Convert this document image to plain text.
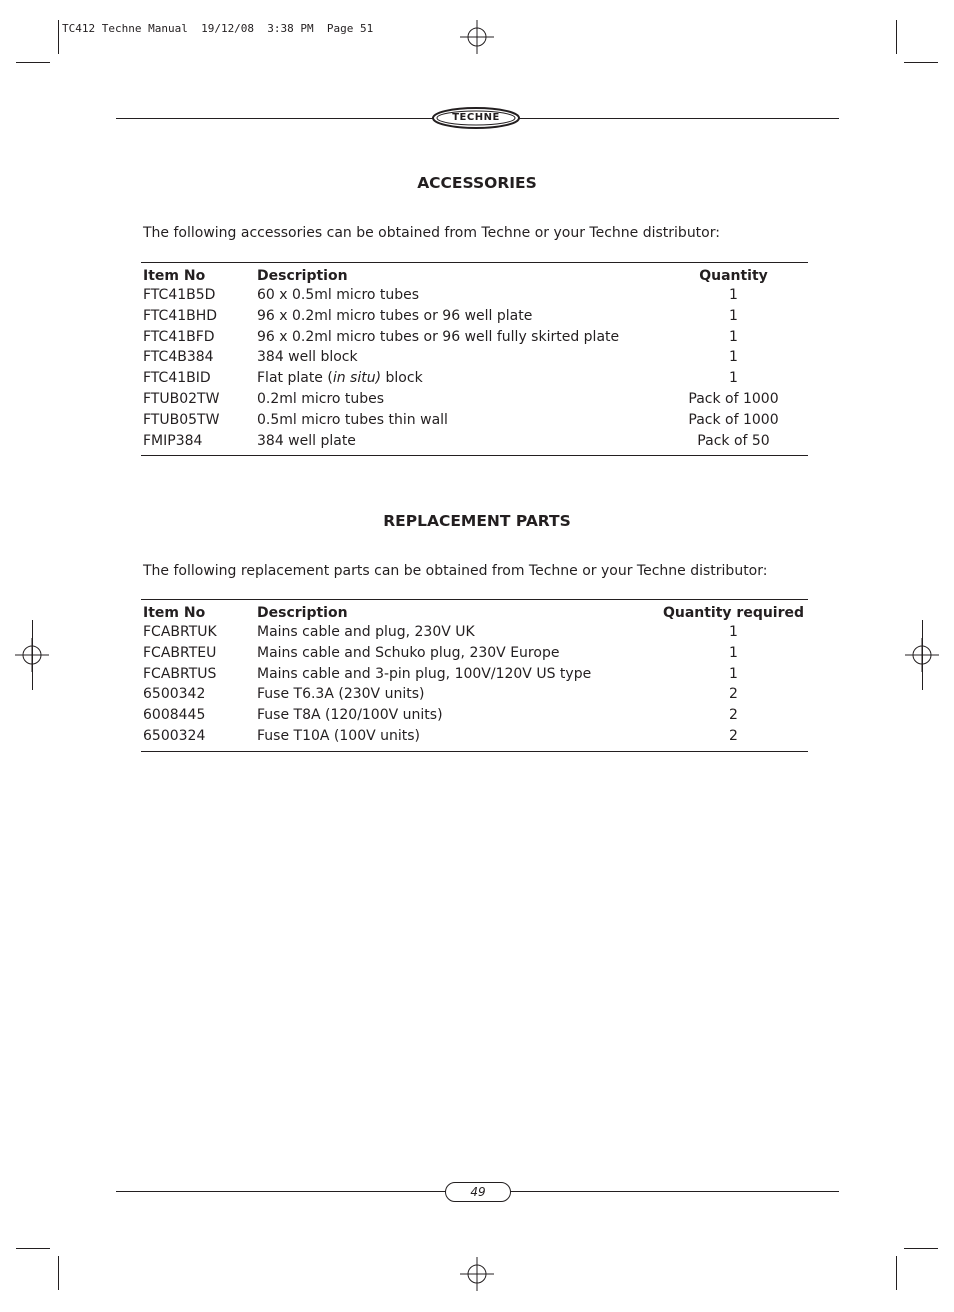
TC412 Techne Manual  19/12/08  3:38 PM  Page 51
TECHNE
ACCESSORIES
The following accessories can be obtained from Techne or your Techne distributor:
Item No	Description	Quantity
FTC41B5D	60 x 0.5ml micro tubes	1
FTC41BHD	96 x 0.2ml micro tubes or 96 well plate	1
FTC41BFD	96 x 0.2ml micro tubes or 96 well fully skirted plate	1
FTC4B384	384 well block	1
FTC41BID	Flat plate (in situ) block	1
FTUB02TW	0.2ml micro tubes	Pack of 1000
FTUB05TW	0.5ml micro tubes thin wall	Pack of 1000
FMIP384	384 well plate	Pack of 50
REPLACEMENT PARTS
The following replacement parts can be obtained from Techne or your Techne distributor:
Item No	Description	Quantity required
FCABRTUK	Mains cable and plug, 230V UK	1
FCABRTEU	Mains cable and Schuko plug, 230V Europe	1
FCABRTUS	Mains cable and 3-pin plug, 100V/120V US type	1
6500342	Fuse T6.3A (230V units)	2
6008445	Fuse T8A (120/100V units)	2
6500324	Fuse T10A (100V units)	2
49
